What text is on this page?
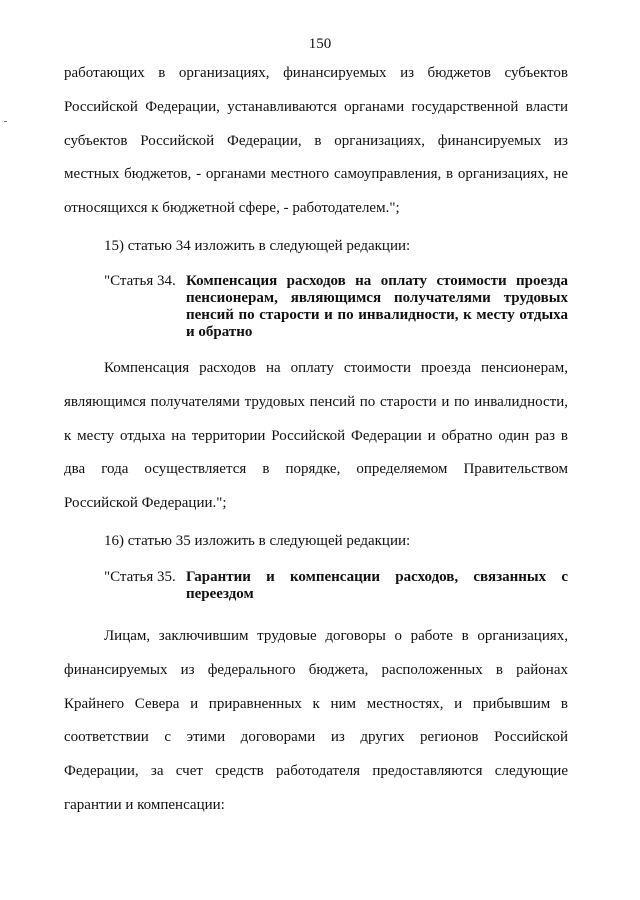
150
работающих в организациях, финансируемых из бюджетов субъектов
Российской Федерации, устанавливаются органами государственной власти
субъектов Российской Федерации, в организациях, финансируемых из
местных бюджетов, - органами местного самоуправления, в организациях, не
относящихся к бюджетной сфере, - работодателем.";
15) статью 34 изложить в следующей редакции:
"Статья 34. Компенсация расходов на оплату стоимости проезда
пенсионерам, являющимся получателями трудовых
пенсий по старости и по инвалидности, к месту отдыха
и обратно
Компенсация расходов на оплату стоимости проезда пенсионерам,
являющимся получателями трудовых пенсий по старости и по инвалидности,
к месту отдыха на территории Российской Федерации и обратно один раз в
два года осуществляется в порядке, определяемом Правительством
Российской Федерации.";
16) статью 35 изложить в следующей редакции:
"Статья 35. Гарантии и компенсации расходов, связанных с
переездом
Лицам, заключившим трудовые договоры о работе в организациях,
финансируемых из федерального бюджета, расположенных в районах
Крайнего Севера и приравненных к ним местностях, и прибывшим в
соответствии с этими договорами из других регионов Российской
Федерации, за счет средств работодателя предоставляются следующие
гарантии и компенсации:
